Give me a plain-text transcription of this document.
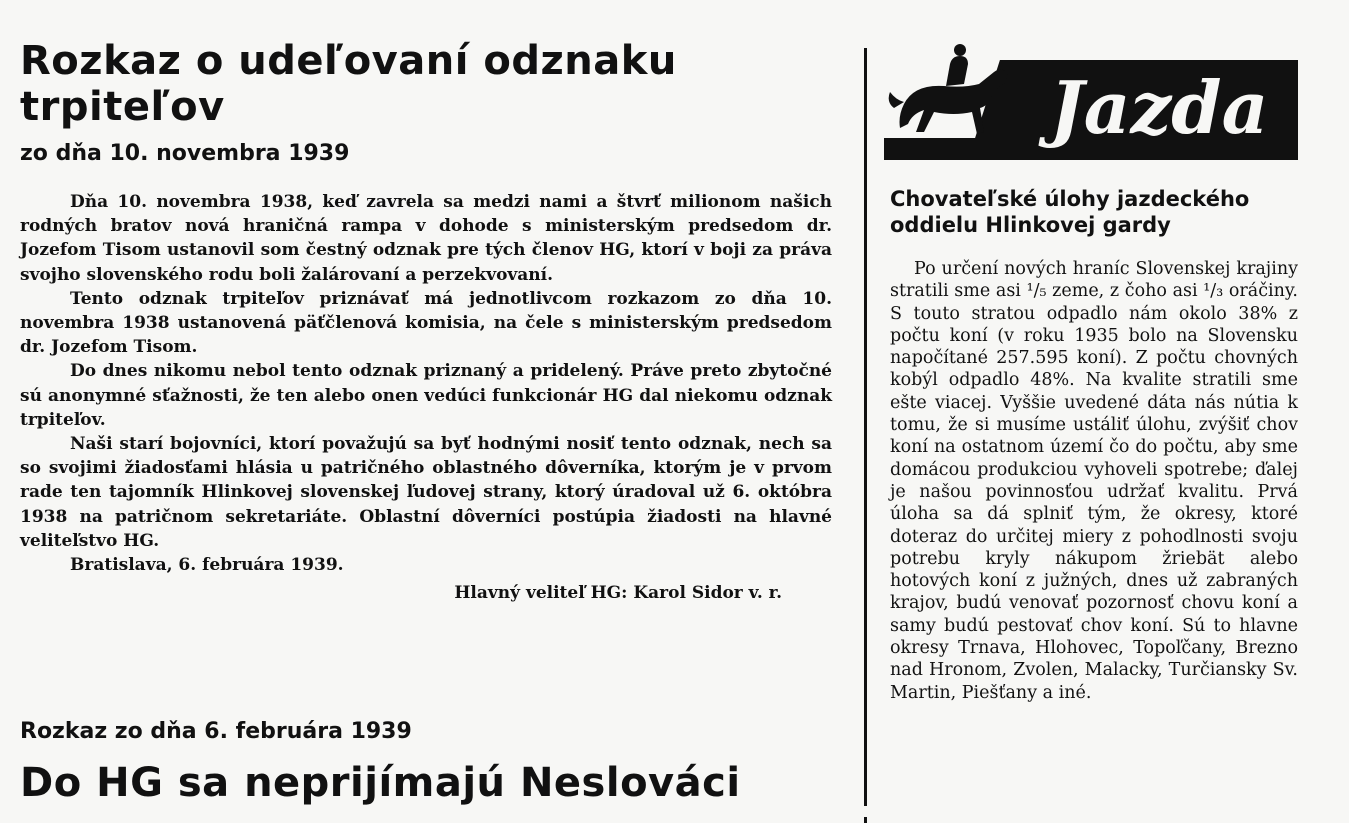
Rozkaz o udeľovaní odznaku trpiteľov
zo dňa 10. novembra 1939

Dňa 10. novembra 1938, keď zavrela sa medzi nami a štvrť milionom našich rodných bratov nová hraničná rampa v dohode s ministerským predsedom dr. Jozefom Tisom ustanovil som čestný odznak pre tých členov HG, ktorí v boji za práva svojho slovenského rodu boli žalárovaní a perzekvovaní.

Tento odznak trpiteľov priznávať má jednotlivcom rozkazom zo dňa 10. novembra 1938 ustanovená päťčlenová komisia, na čele s ministerským predsedom dr. Jozefom Tisom.

Do dnes nikomu nebol tento odznak priznaný a pridelený. Práve preto zbytočné sú anonymné sťažnosti, že ten alebo onen vedúci funkcionár HG dal niekomu odznak trpiteľov.

Naši starí bojovníci, ktorí považujú sa byť hodnými nosiť tento odznak, nech sa so svojimi žiadosťami hlásia u patričného oblastného dôverníka, ktorým je v prvom rade ten tajomník Hlinkovej slovenskej ľudovej strany, ktorý úradoval už 6. októbra 1938 na patričnom sekretariáte. Oblastní dôverníci postúpia žiadosti na hlavné veliteľstvo HG.

Bratislava, 6. februára 1939.

Hlavný veliteľ HG: Karol Sidor v. r.

Rozkaz zo dňa 6. februára 1939
Do HG sa neprijímajú Neslováci
Jazda
Chovateľské úlohy jazdeckého oddielu Hlinkovej gardy

Po určení nových hraníc Slovenskej krajiny stratili sme asi ¹/₅ zeme, z čoho asi ¹/₃ oráčiny. S touto stratou odpadlo nám okolo 38% z počtu koní (v roku 1935 bolo na Slovensku napočítané 257.595 koní). Z počtu chovných kobýl odpadlo 48%. Na kvalite stratili sme ešte viacej. Vyššie uvedené dáta nás nútia k tomu, že si musíme ustáliť úlohu, zvýšiť chov koní na ostatnom území čo do počtu, aby sme domácou produkciou vyhoveli spotrebe; ďalej je našou povinnosťou udržať kvalitu. Prvá úloha sa dá splniť tým, že okresy, ktoré doteraz do určitej miery z pohodlnosti svoju potrebu kryly nákupom žriebät alebo hotových koní z južných, dnes už zabraných krajov, budú venovať pozornosť chovu koní a samy budú pestovať chov koní. Sú to hlavne okresy Trnava, Hlohovec, Topoľčany, Brezno nad Hronom, Zvolen, Malacky, Turčiansky Sv. Martin, Piešťany a iné.
